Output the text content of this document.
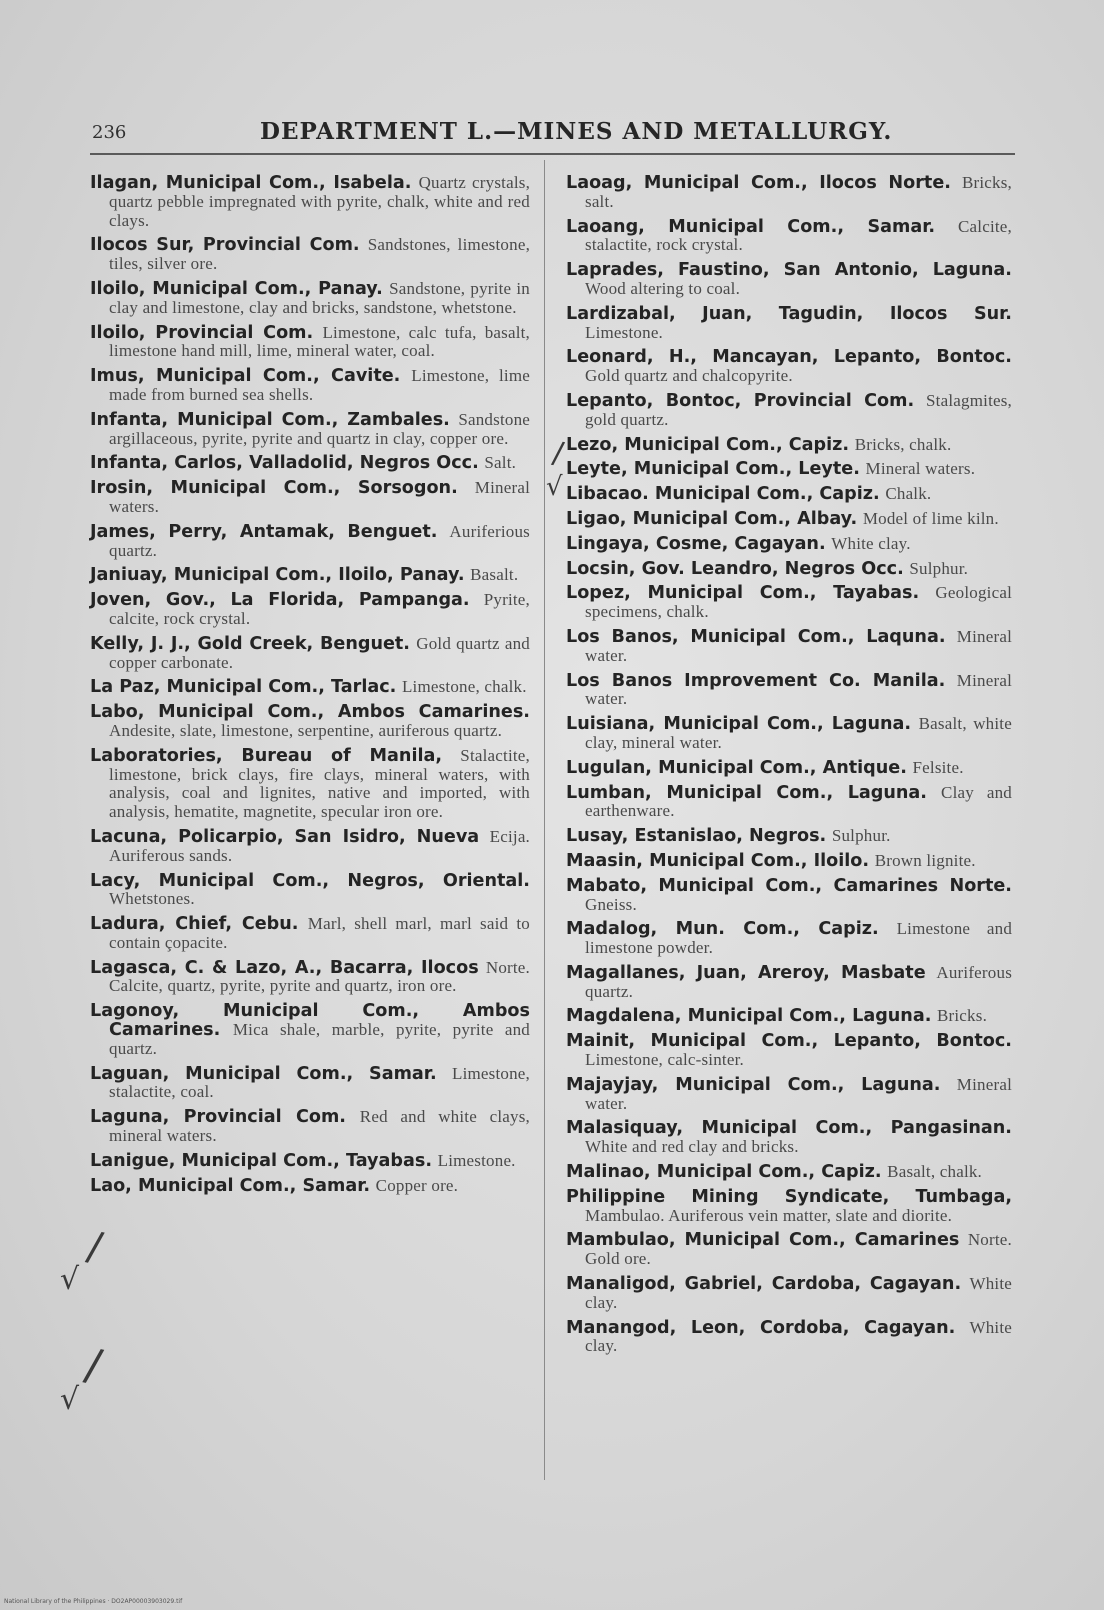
236	DEPARTMENT L.—MINES AND METALLURGY.

Ilagan, Municipal Com., Isabela. Quartz crystals, quartz pebble impregnated with pyrite, chalk, white and red clays.

Ilocos Sur, Provincial Com. Sandstones, limestone, tiles, silver ore.

Iloilo, Municipal Com., Panay. Sandstone, pyrite in clay and limestone, clay and bricks, sandstone, whetstone.

Iloilo, Provincial Com. Limestone, calc tufa, basalt, limestone hand mill, lime, mineral water, coal.

Imus, Municipal Com., Cavite. Limestone, lime made from burned sea shells.

Infanta, Municipal Com., Zambales. Sandstone argillaceous, pyrite, pyrite and quartz in clay, copper ore.

Infanta, Carlos, Valladolid, Negros Occ. Salt.

Irosin, Municipal Com., Sorsogon. Mineral waters.

James, Perry, Antamak, Benguet. Auriferious quartz.

Janiuay, Municipal Com., Iloilo, Panay. Basalt.

Joven, Gov., La Florida, Pampanga. Pyrite, calcite, rock crystal.

Kelly, J. J., Gold Creek, Benguet. Gold quartz and copper carbonate.

La Paz, Municipal Com., Tarlac. Limestone, chalk.

Labo, Municipal Com., Ambos Camarines. Andesite, slate, limestone, serpentine, auriferous quartz.

Laboratories, Bureau of Manila, Stalactite, limestone, brick clays, fire clays, mineral waters, with analysis, coal and lignites, native and imported, with analysis, hematite, magnetite, specular iron ore.

Lacuna, Policarpio, San Isidro, Nueva Ecija. Auriferous sands.

Lacy, Municipal Com., Negros, Oriental. Whetstones.

Ladura, Chief, Cebu. Marl, shell marl, marl said to contain çopacite.

Lagasca, C. & Lazo, A., Bacarra, Ilocos Norte. Calcite, quartz, pyrite, pyrite and quartz, iron ore.

Lagonoy, Municipal Com., Ambos Camarines. Mica shale, marble, pyrite, pyrite and quartz.

Laguan, Municipal Com., Samar. Limestone, stalactite, coal.

Laguna, Provincial Com. Red and white clays, mineral waters.

Lanigue, Municipal Com., Tayabas. Limestone.

Lao, Municipal Com., Samar. Copper ore.

Laoag, Municipal Com., Ilocos Norte. Bricks, salt.

Laoang, Municipal Com., Samar. Calcite, stalactite, rock crystal.

Laprades, Faustino, San Antonio, Laguna. Wood altering to coal.

Lardizabal, Juan, Tagudin, Ilocos Sur. Limestone.

Leonard, H., Mancayan, Lepanto, Bontoc. Gold quartz and chalcopyrite.

Lepanto, Bontoc, Provincial Com. Stalagmites, gold quartz.

Lezo, Municipal Com., Capiz. Bricks, chalk.

Leyte, Municipal Com., Leyte. Mineral waters.

Libacao. Municipal Com., Capiz. Chalk.

Ligao, Municipal Com., Albay. Model of lime kiln.

Lingaya, Cosme, Cagayan. White clay.

Locsin, Gov. Leandro, Negros Occ. Sulphur.

Lopez, Municipal Com., Tayabas. Geological specimens, chalk.

Los Banos, Municipal Com., Laquna. Mineral water.

Los Banos Improvement Co. Manila. Mineral water.

Luisiana, Municipal Com., Laguna. Basalt, white clay, mineral water.

Lugulan, Municipal Com., Antique. Felsite.

Lumban, Municipal Com., Laguna. Clay and earthenware.

Lusay, Estanislao, Negros. Sulphur.

Maasin, Municipal Com., Iloilo. Brown lignite.

Mabato, Municipal Com., Camarines Norte. Gneiss.

Madalog, Mun. Com., Capiz. Limestone and limestone powder.

Magallanes, Juan, Areroy, Masbate Auriferous quartz.

Magdalena, Municipal Com., Laguna. Bricks.

Mainit, Municipal Com., Lepanto, Bontoc. Limestone, calc-sinter.

Majayjay, Municipal Com., Laguna. Mineral water.

Malasiquay, Municipal Com., Pangasinan. White and red clay and bricks.

Malinao, Municipal Com., Capiz. Basalt, chalk.

Philippine Mining Syndicate, Tumbaga, Mambulao. Auriferous vein matter, slate and diorite.

Mambulao, Municipal Com., Camarines Norte. Gold ore.

Manaligod, Gabriel, Cardoba, Cagayan. White clay.

Manangod, Leon, Cordoba, Cagayan. White clay.

√
√
/
/
/
√
National Library of the Philippines · DO2AP00003903029.tif
